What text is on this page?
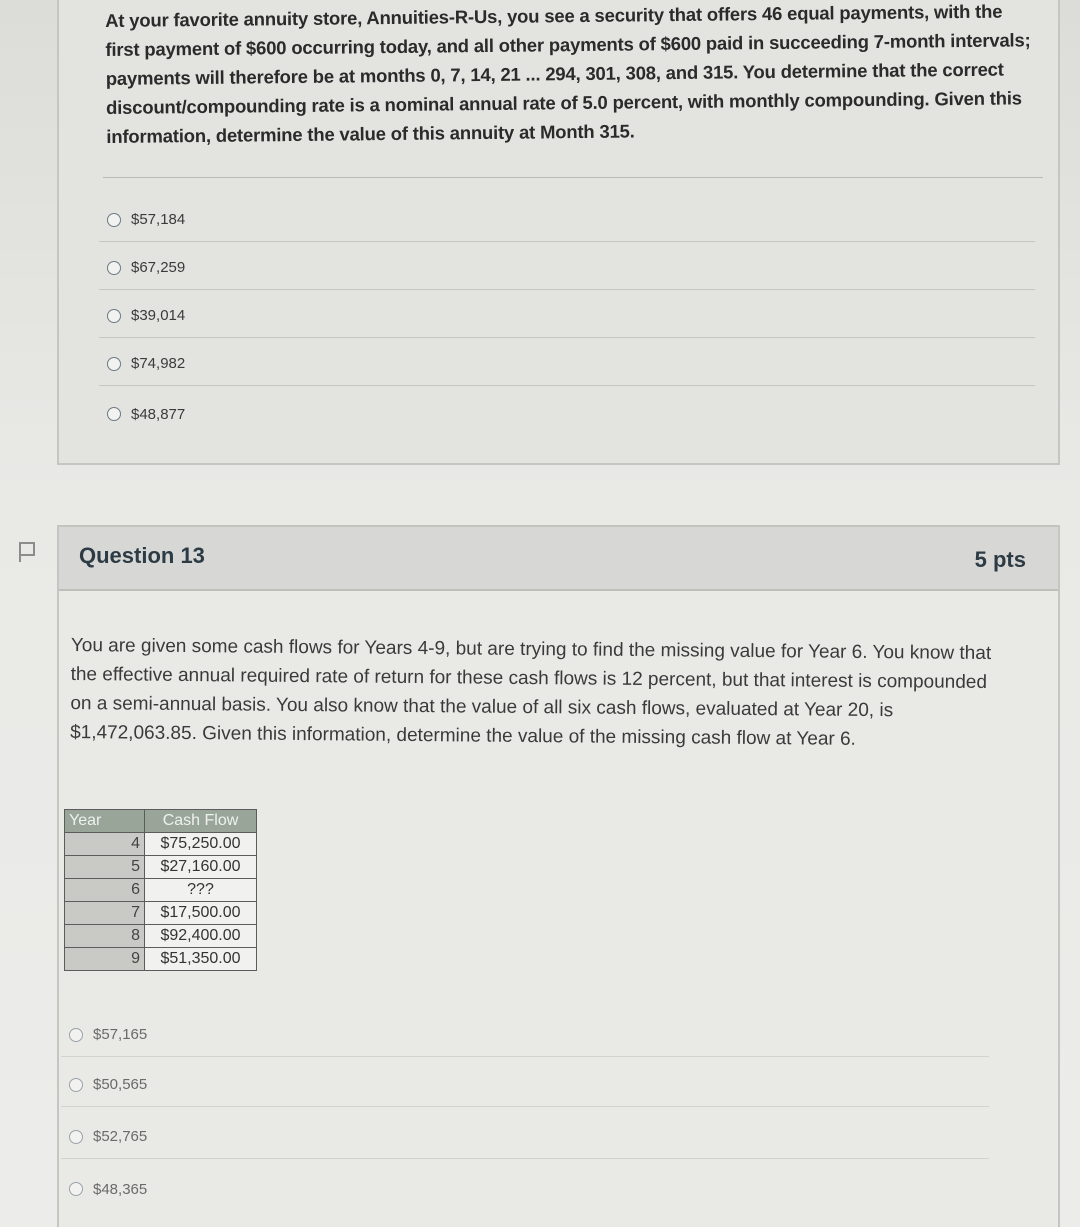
At your favorite annuity store, Annuities-R-Us, you see a security that offers 46 equal payments, with the first payment of $600 occurring today, and all other payments of $600 paid in succeeding 7-month intervals; payments will therefore be at months 0, 7, 14, 21 ... 294, 301, 308, and 315. You determine that the correct discount/compounding rate is a nominal annual rate of 5.0 percent, with monthly compounding. Given this information, determine the value of this annuity at Month 315.
$57,184
$67,259
$39,014
$74,982
$48,877
Question 13	5 pts
You are given some cash flows for Years 4-9, but are trying to find the missing value for Year 6. You know that the effective annual required rate of return for these cash flows is 12 percent, but that interest is compounded on a semi-annual basis. You also know that the value of all six cash flows, evaluated at Year 20, is $1,472,063.85. Given this information, determine the value of the missing cash flow at Year 6.
Year	Cash Flow
4	$75,250.00
5	$27,160.00
6	???
7	$17,500.00
8	$92,400.00
9	$51,350.00
$57,165
$50,565
$52,765
$48,365
